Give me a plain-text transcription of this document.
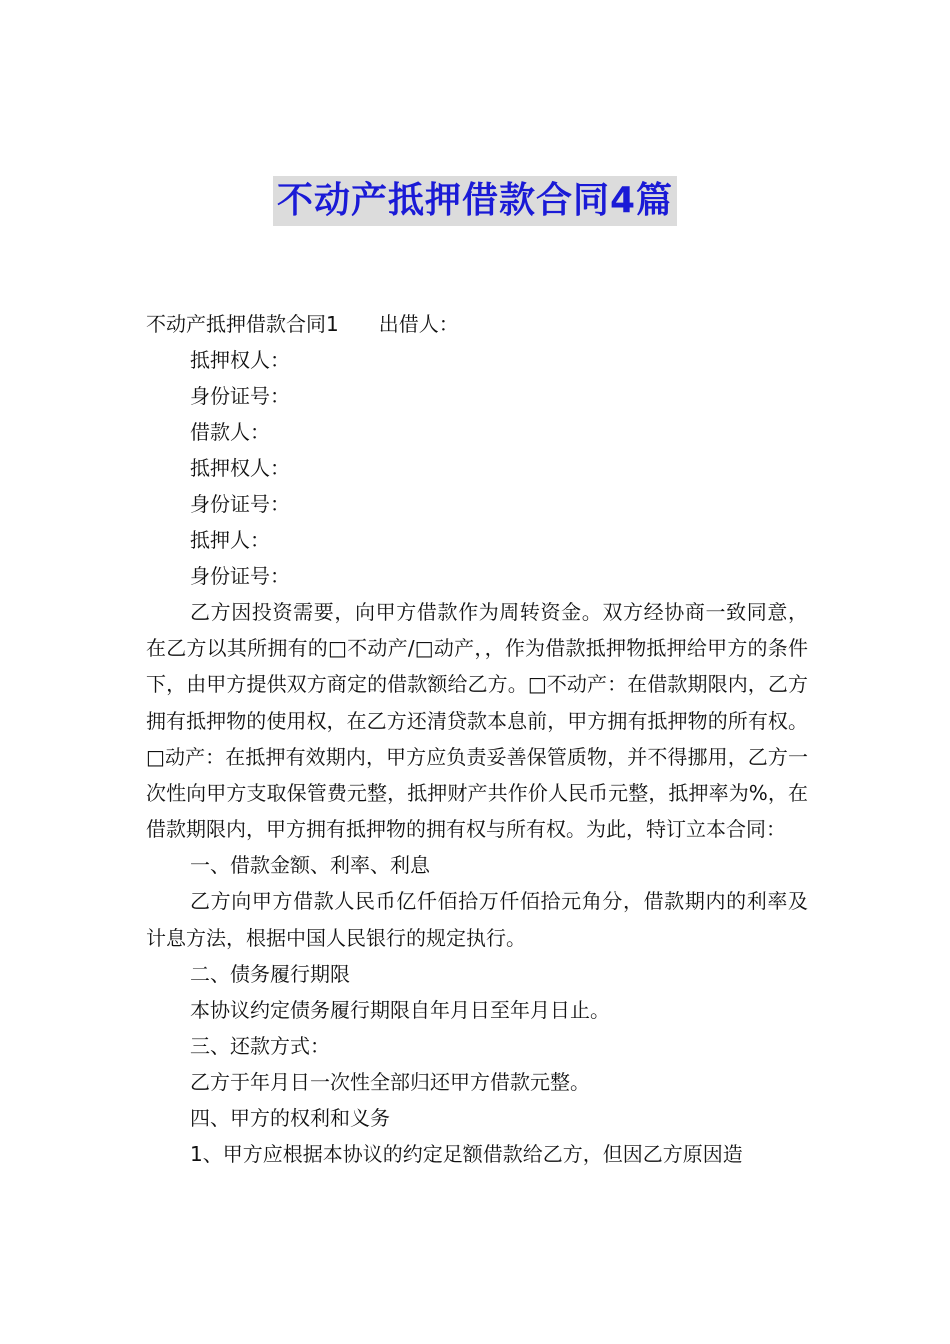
不动产抵押借款合同4篇

不动产抵押借款合同1 出借人：

抵押权人：

身份证号：

借款人：

抵押权人：

身份证号：

抵押人：

身份证号：

乙方因投资需要，向甲方借款作为周转资金。双方经协商一致同意，在乙方以其所拥有的□不动产/□动产，，作为借款抵押物抵押给甲方的条件下，由甲方提供双方商定的借款额给乙方。□不动产：在借款期限内，乙方拥有抵押物的使用权，在乙方还清贷款本息前，甲方拥有抵押物的所有权。□动产：在抵押有效期内，甲方应负责妥善保管质物，并不得挪用，乙方一次性向甲方支取保管费元整，抵押财产共作价人民币元整，抵押率为%，在借款期限内，甲方拥有抵押物的拥有权与所有权。为此，特订立本合同：

一、借款金额、利率、利息

乙方向甲方借款人民币亿仟佰拾万仟佰拾元角分，借款期内的利率及计息方法，根据中国人民银行的规定执行。

二、债务履行期限

本协议约定债务履行期限自年月日至年月日止。

三、还款方式：

乙方于年月日一次性全部归还甲方借款元整。

四、甲方的权利和义务

1、甲方应根据本协议的约定足额借款给乙方，但因乙方原因造
